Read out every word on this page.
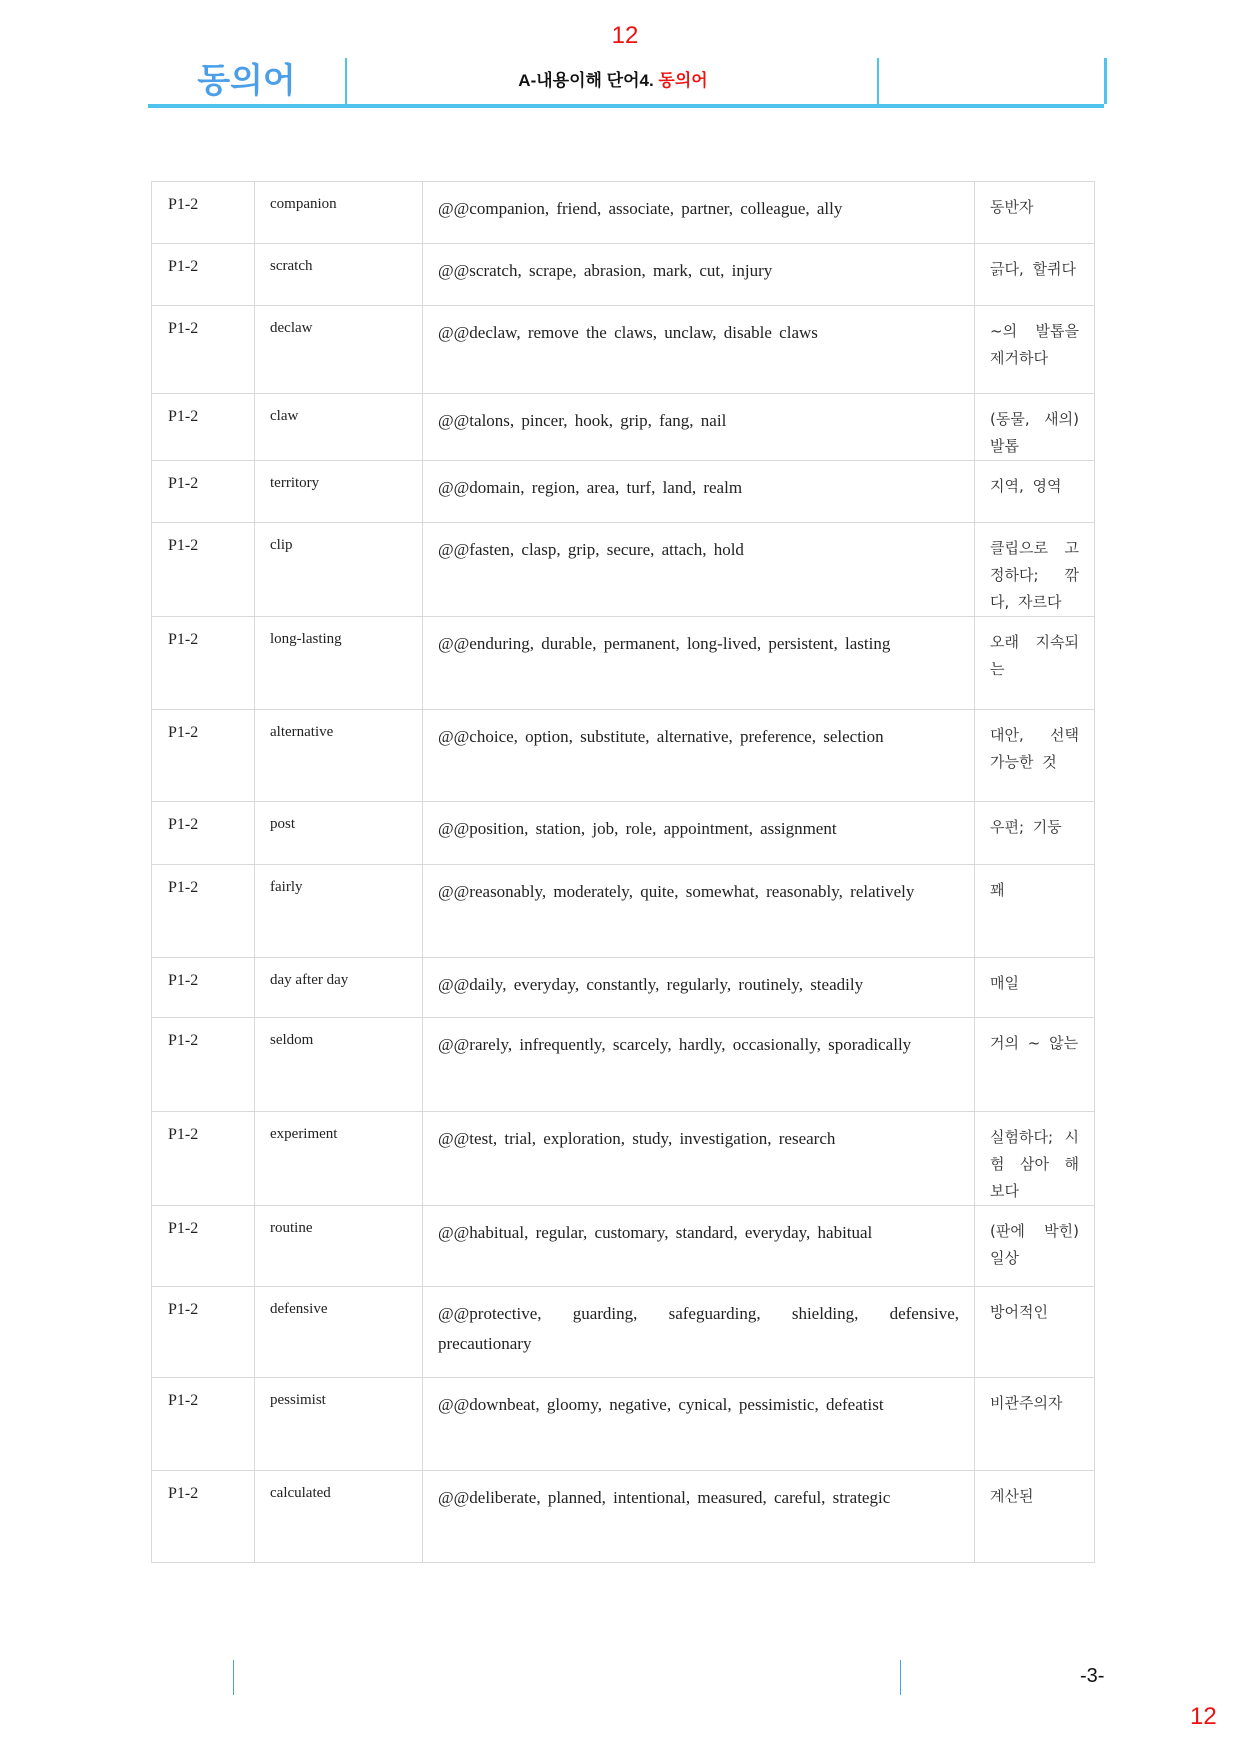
12
동의어	A-내용이해 단어4. 동의어
P1-2	companion	@@companion, friend, associate, partner, colleague, ally	동반자
P1-2	scratch	@@scratch, scrape, abrasion, mark, cut, injury	긁다, 할퀴다
P1-2	declaw	@@declaw, remove the claws, unclaw, disable claws	~의 발톱을 제거하다
P1-2	claw	@@talons, pincer, hook, grip, fang, nail	(동물, 새의) 발톱
P1-2	territory	@@domain, region, area, turf, land, realm	지역, 영역
P1-2	clip	@@fasten, clasp, grip, secure, attach, hold	클립으로 고정하다; 깎다, 자르다
P1-2	long-lasting	@@enduring, durable, permanent, long-lived, persistent, lasting	오래 지속되는
P1-2	alternative	@@choice, option, substitute, alternative, preference, selection	대안, 선택 가능한 것
P1-2	post	@@position, station, job, role, appointment, assignment	우편; 기둥
P1-2	fairly	@@reasonably, moderately, quite, somewhat, reasonably, relatively	꽤
P1-2	day after day	@@daily, everyday, constantly, regularly, routinely, steadily	매일
P1-2	seldom	@@rarely, infrequently, scarcely, hardly, occasionally, sporadically	거의 ~ 않는
P1-2	experiment	@@test, trial, exploration, study, investigation, research	실험하다; 시험 삼아 해 보다
P1-2	routine	@@habitual, regular, customary, standard, everyday, habitual	(판에 박힌) 일상
P1-2	defensive	@@protective, guarding, safeguarding, shielding, defensive, precautionary	방어적인
P1-2	pessimist	@@downbeat, gloomy, negative, cynical, pessimistic, defeatist	비관주의자
P1-2	calculated	@@deliberate, planned, intentional, measured, careful, strategic	계산된
-3-
12
